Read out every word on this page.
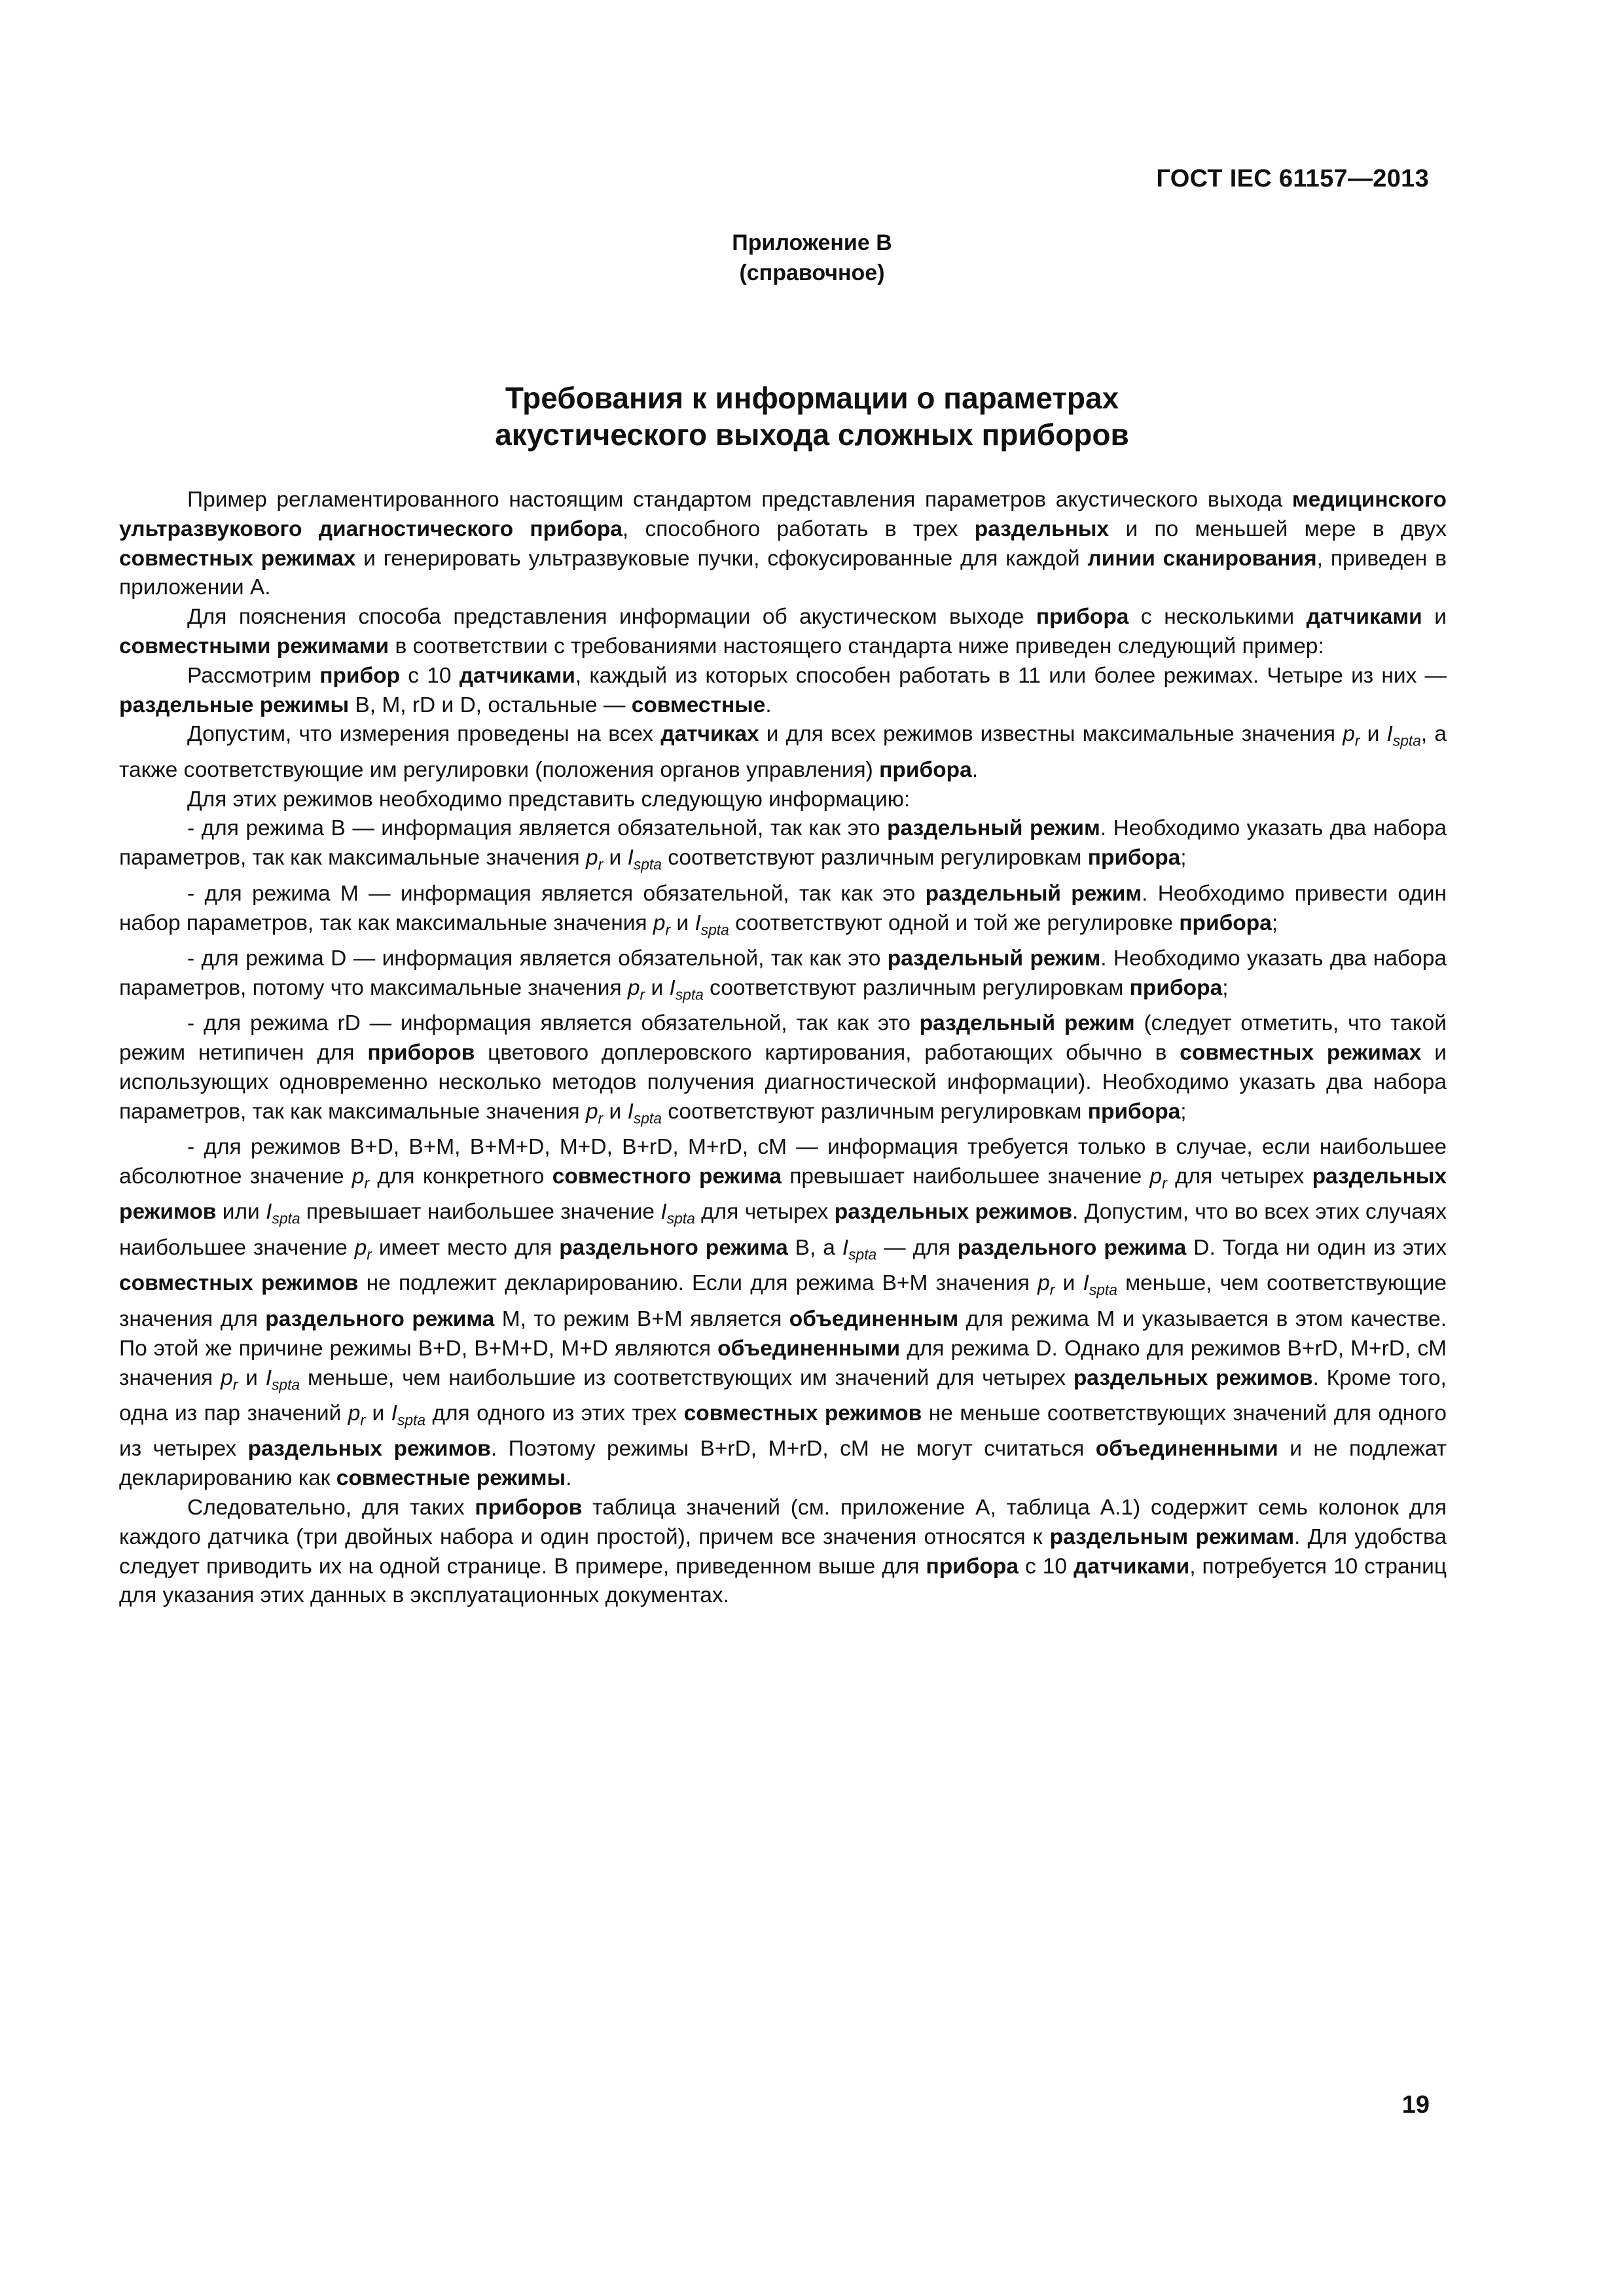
ГОСТ IEC 61157—2013
Приложение В
(справочное)
Требования к информации о параметрах
акустического выхода сложных приборов

Пример регламентированного настоящим стандартом представления параметров акустического выхода медицинского ультразвукового диагностического прибора, способного работать в трех раздельных и по меньшей мере в двух совместных режимах и генерировать ультразвуковые пучки, сфокусированные для каждой линии сканирования, приведен в приложении А.

Для пояснения способа представления информации об акустическом выходе прибора с несколькими датчиками и совместными режимами в соответствии с требованиями настоящего стандарта ниже приведен следующий пример:

Рассмотрим прибор с 10 датчиками, каждый из которых способен работать в 11 или более режимах. Четыре из них — раздельные режимы В, М, rD и D, остальные — совместные.

Допустим, что измерения проведены на всех датчиках и для всех режимов известны максимальные значения $p_r$ и $I_{spta}$, а также соответствующие им регулировки (положения органов управления) прибора.

Для этих режимов необходимо представить следующую информацию:

- для режима В — информация является обязательной, так как это раздельный режим. Необходимо указать два набора параметров, так как максимальные значения $p_r$ и $I_{spta}$ соответствуют различным регулировкам прибора;

- для режима М — информация является обязательной, так как это раздельный режим. Необходимо привести один набор параметров, так как максимальные значения $p_r$ и $I_{spta}$ соответствуют одной и той же регулировке прибора;

- для режима D — информация является обязательной, так как это раздельный режим. Необходимо указать два набора параметров, потому что максимальные значения $p_r$ и $I_{spta}$ соответствуют различным регулировкам прибора;

- для режима rD — информация является обязательной, так как это раздельный режим (следует отметить, что такой режим нетипичен для приборов цветового доплеровского картирования, работающих обычно в совместных режимах и использующих одновременно несколько методов получения диагностической информации). Необходимо указать два набора параметров, так как максимальные значения $p_r$ и $I_{spta}$ соответствуют различным регулировкам прибора;

- для режимов В+D, В+М, В+М+D, М+D, В+rD, М+rD, сМ — информация требуется только в случае, если наибольшее абсолютное значение $p_r$ для конкретного совместного режима превышает наибольшее значение $p_r$ для четырех раздельных режимов или $I_{spta}$ превышает наибольшее значение $I_{spta}$ для четырех раздельных режимов. Допустим, что во всех этих случаях наибольшее значение $p_r$ имеет место для раздельного режима В, а $I_{spta}$ — для раздельного режима D. Тогда ни один из этих совместных режимов не подлежит декларированию. Если для режима В+М значения $p_r$ и $I_{spta}$ меньше, чем соответствующие значения для раздельного режима М, то режим В+М является объединенным для режима М и указывается в этом качестве. По этой же причине режимы В+D, В+М+D, М+D являются объединенными для режима D. Однако для режимов В+rD, М+rD, сМ значения $p_r$ и $I_{spta}$ меньше, чем наибольшие из соответствующих им значений для четырех раздельных режимов. Кроме того, одна из пар значений $p_r$ и $I_{spta}$ для одного из этих трех совместных режимов не меньше соответствующих значений для одного из четырех раздельных режимов. Поэтому режимы В+rD, М+rD, сМ не могут считаться объединенными и не подлежат декларированию как совместные режимы.

Следовательно, для таких приборов таблица значений (см. приложение А, таблица А.1) содержит семь колонок для каждого датчика (три двойных набора и один простой), причем все значения относятся к раздельным режимам. Для удобства следует приводить их на одной странице. В примере, приведенном выше для прибора с 10 датчиками, потребуется 10 страниц для указания этих данных в эксплуатационных документах.

19
